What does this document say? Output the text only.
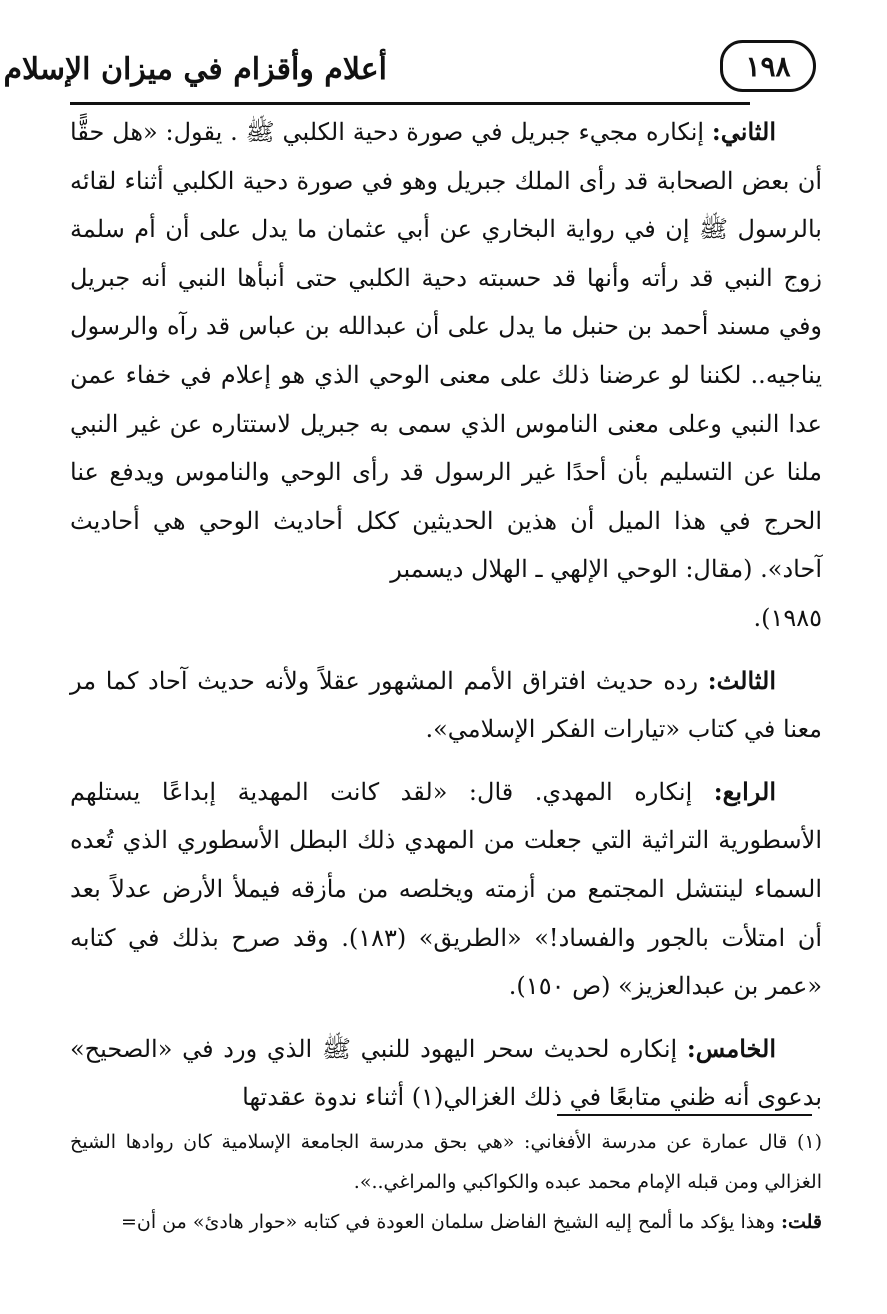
أعلام وأقزام في ميزان الإسلام	١٩٨

الثاني: إنكاره مجيء جبريل في صورة دحية الكلبي ﷺ . يقول: «هل حقًّا أن بعض الصحابة قد رأى الملك جبريل وهو في صورة دحية الكلبي أثناء لقائه بالرسول ﷺ إن في رواية البخاري عن أبي عثمان ما يدل على أن أم سلمة زوج النبي قد رأته وأنها قد حسبته دحية الكلبي حتى أنبأها النبي أنه جبريل وفي مسند أحمد بن حنبل ما يدل على أن عبدالله بن عباس قد رآه والرسول يناجيه.. لكننا لو عرضنا ذلك على معنى الوحي الذي هو إعلام في خفاء عمن عدا النبي وعلى معنى الناموس الذي سمى به جبريل لاستتاره عن غير النبي ملنا عن التسليم بأن أحدًا غير الرسول قد رأى الوحي والناموس ويدفع عنا الحرج في هذا الميل أن هذين الحديثين ككل أحاديث الوحي هي أحاديث آحاد». (مقال: الوحي الإلهي ـ الهلال ديسمبر
١٩٨٥).

الثالث: رده حديث افتراق الأمم المشهور عقلاً ولأنه حديث آحاد كما مر معنا في كتاب «تيارات الفكر الإسلامي».

الرابع: إنكاره المهدي. قال: «لقد كانت المهدية إبداعًا يستلهم الأسطورية التراثية التي جعلت من المهدي ذلك البطل الأسطوري الذي تُعده السماء لينتشل المجتمع من أزمته ويخلصه من مأزقه فيملأ الأرض عدلاً بعد أن امتلأت بالجور والفساد!» «الطريق» (١٨٣). وقد صرح بذلك في كتابه «عمر بن عبدالعزيز» (ص ١٥٠).

الخامس: إنكاره لحديث سحر اليهود للنبي ﷺ الذي ورد في «الصحيح» بدعوى أنه ظني متابعًا في ذلك الغزالي(١) أثناء ندوة عقدتها

(١) قال عمارة عن مدرسة الأفغاني: «هي بحق مدرسة الجامعة الإسلامية كان روادها الشيخ الغزالي ومن قبله الإمام محمد عبده والكواكبي والمراغي..».

قلت: وهذا يؤكد ما ألمح إليه الشيخ الفاضل سلمان العودة في كتابه «حوار هادئ» من أن=
